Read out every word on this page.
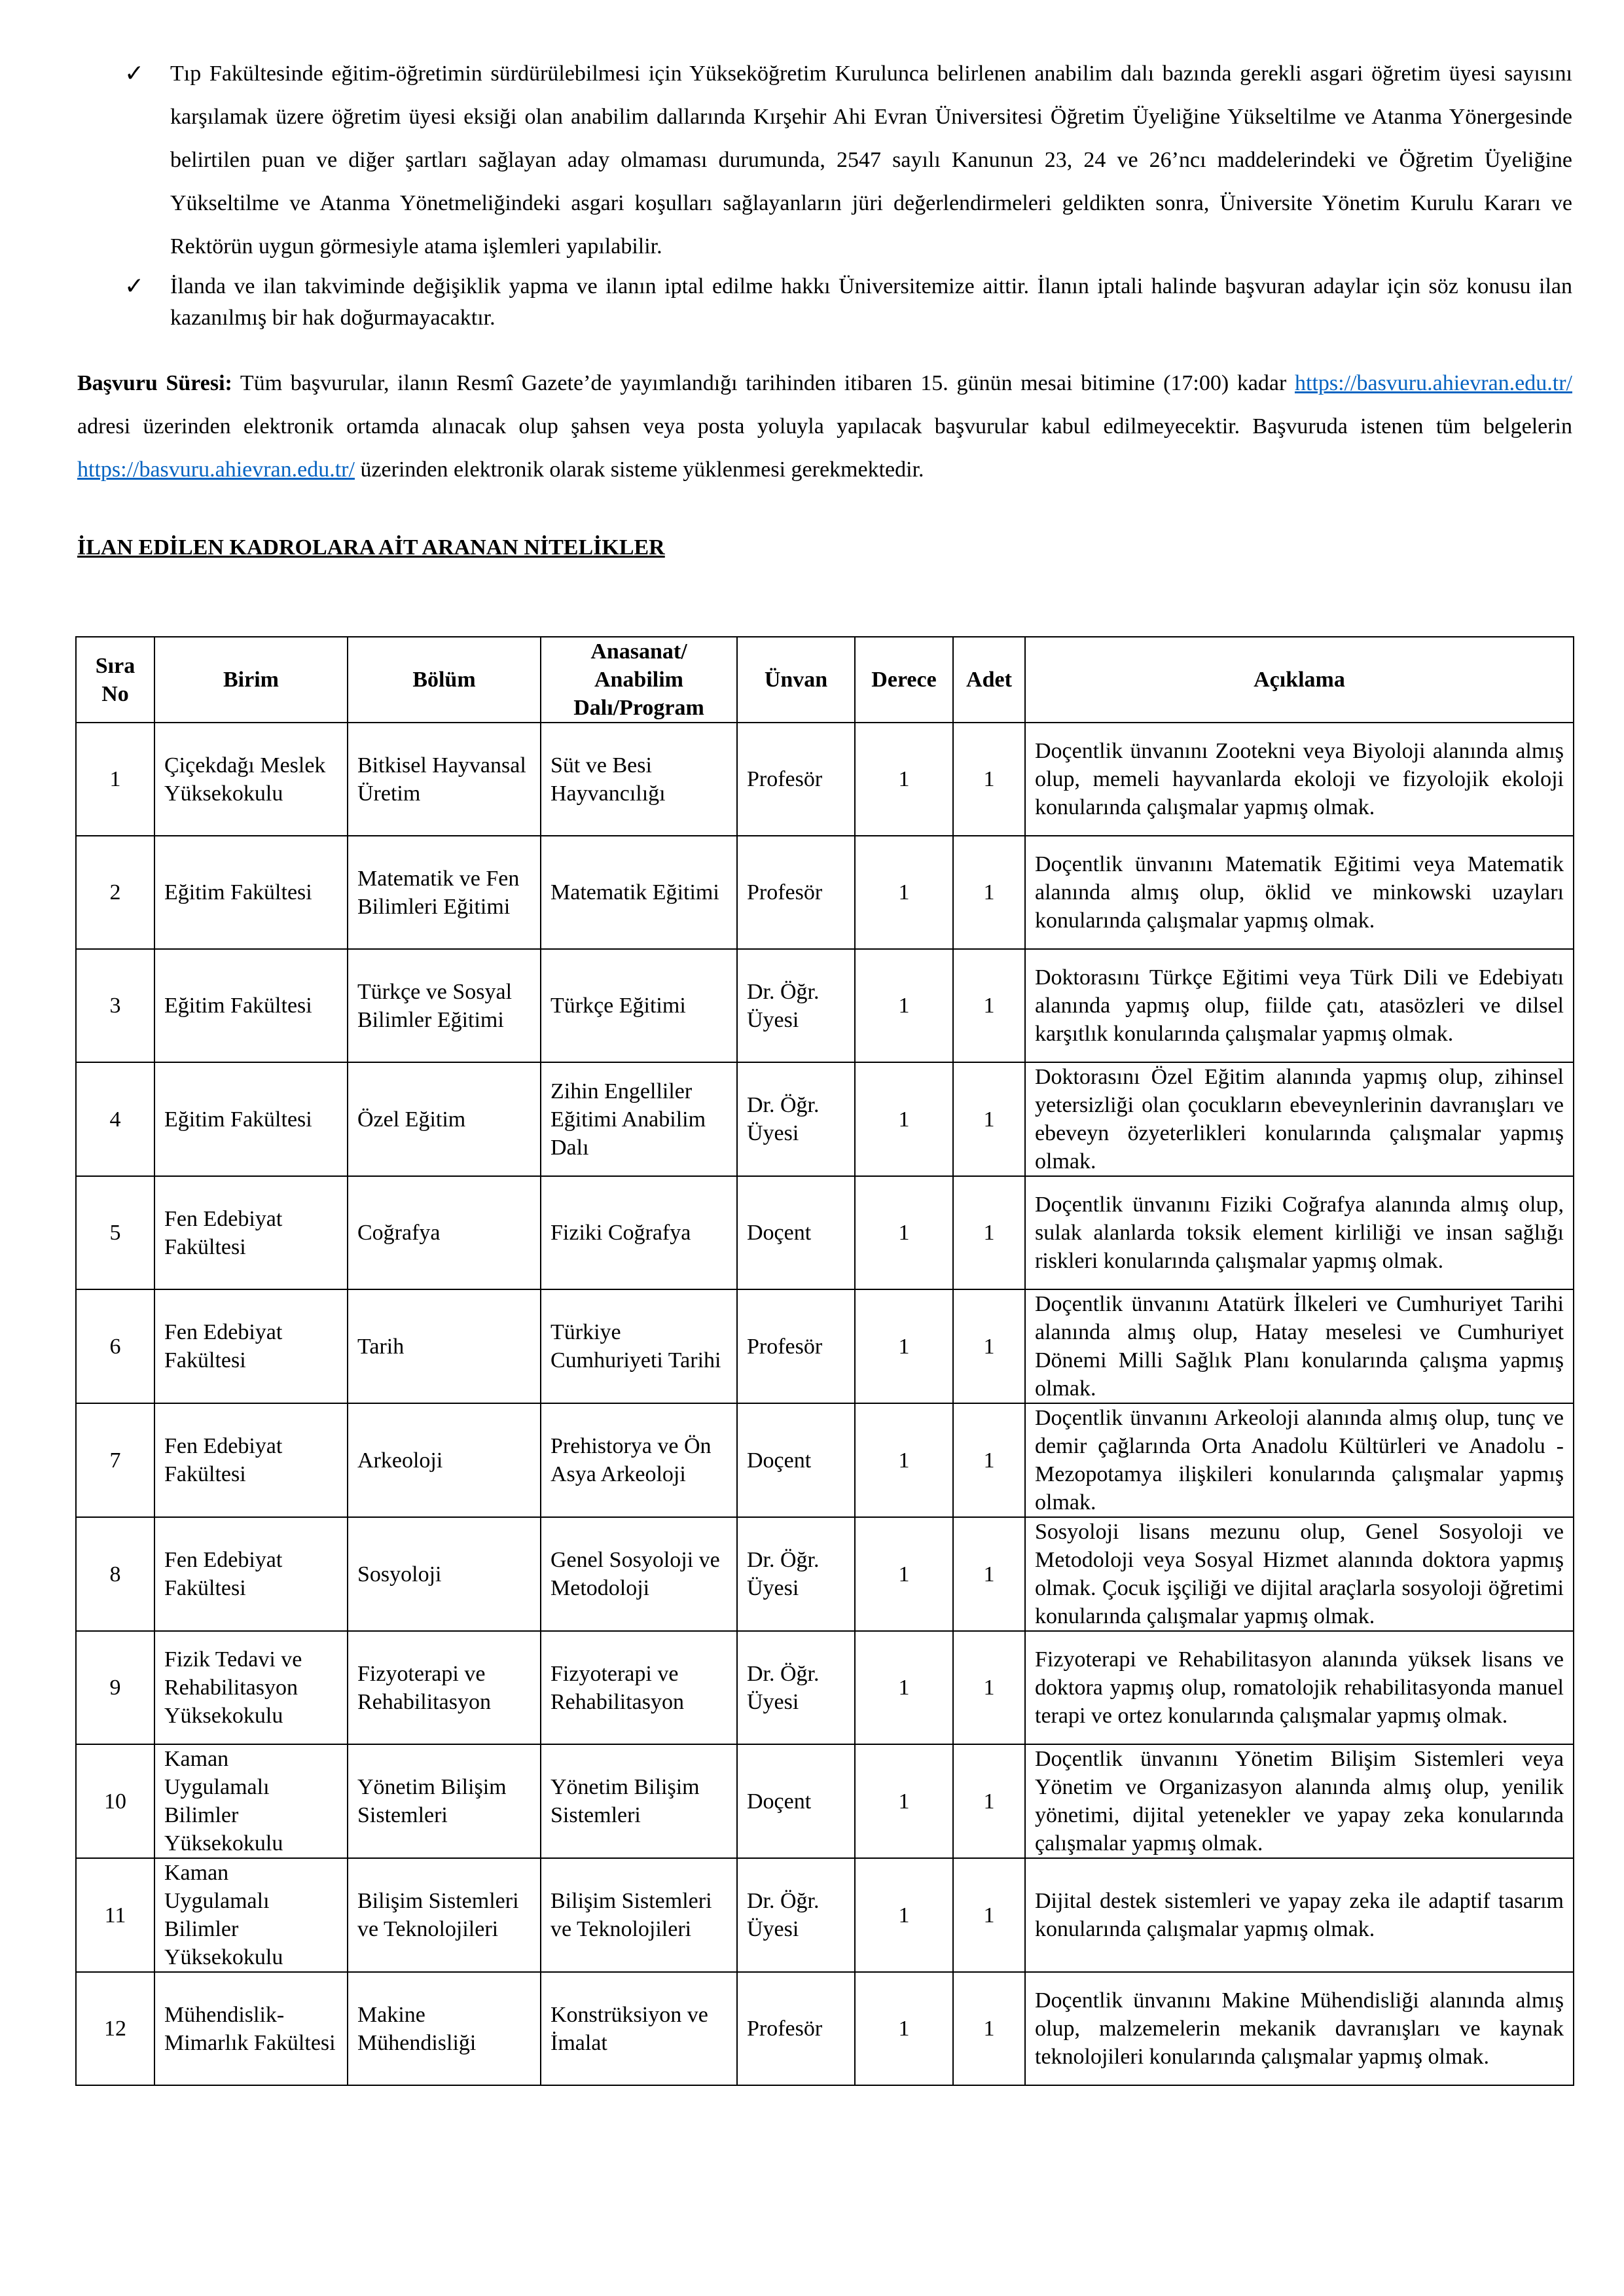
✓ Tıp Fakültesinde eğitim-öğretimin sürdürülebilmesi için Yükseköğretim Kurulunca belirlenen anabilim dalı bazında gerekli asgari öğretim üyesi sayısını karşılamak üzere öğretim üyesi eksiği olan anabilim dallarında Kırşehir Ahi Evran Üniversitesi Öğretim Üyeliğine Yükseltilme ve Atanma Yönergesinde belirtilen puan ve diğer şartları sağlayan aday olmaması durumunda, 2547 sayılı Kanunun 23, 24 ve 26’ncı maddelerindeki ve Öğretim Üyeliğine Yükseltilme ve Atanma Yönetmeliğindeki asgari koşulları sağlayanların jüri değerlendirmeleri geldikten sonra, Üniversite Yönetim Kurulu Kararı ve Rektörün uygun görmesiyle atama işlemleri yapılabilir.
✓ İlanda ve ilan takviminde değişiklik yapma ve ilanın iptal edilme hakkı Üniversitemize aittir. İlanın iptali halinde başvuran adaylar için söz konusu ilan kazanılmış bir hak doğurmayacaktır.
Başvuru Süresi: Tüm başvurular, ilanın Resmî Gazete’de yayımlandığı tarihinden itibaren 15. günün mesai bitimine (17:00) kadar https://basvuru.ahievran.edu.tr/ adresi üzerinden elektronik ortamda alınacak olup şahsen veya posta yoluyla yapılacak başvurular kabul edilmeyecektir. Başvuruda istenen tüm belgelerin https://basvuru.ahievran.edu.tr/ üzerinden elektronik olarak sisteme yüklenmesi gerekmektedir.
İLAN EDİLEN KADROLARA AİT ARANAN NİTELİKLER
Sıra No	Birim	Bölüm	Anasanat/ Anabilim Dalı/Program	Ünvan	Derece	Adet	Açıklama
1	Çiçekdağı Meslek Yüksekokulu	Bitkisel Hayvansal Üretim	Süt ve Besi Hayvancılığı	Profesör	1	1	Doçentlik ünvanını Zootekni veya Biyoloji alanında almış olup, memeli hayvanlarda ekoloji ve fizyolojik ekoloji konularında çalışmalar yapmış olmak.
2	Eğitim Fakültesi	Matematik ve Fen Bilimleri Eğitimi	Matematik Eğitimi	Profesör	1	1	Doçentlik ünvanını Matematik Eğitimi veya Matematik alanında almış olup, öklid ve minkowski uzayları konularında çalışmalar yapmış olmak.
3	Eğitim Fakültesi	Türkçe ve Sosyal Bilimler Eğitimi	Türkçe Eğitimi	Dr. Öğr. Üyesi	1	1	Doktorasını Türkçe Eğitimi veya Türk Dili ve Edebiyatı alanında yapmış olup, fiilde çatı, atasözleri ve dilsel karşıtlık konularında çalışmalar yapmış olmak.
4	Eğitim Fakültesi	Özel Eğitim	Zihin Engelliler Eğitimi Anabilim Dalı	Dr. Öğr. Üyesi	1	1	Doktorasını Özel Eğitim alanında yapmış olup, zihinsel yetersizliği olan çocukların ebeveynlerinin davranışları ve ebeveyn özyeterlikleri konularında çalışmalar yapmış olmak.
5	Fen Edebiyat Fakültesi	Coğrafya	Fiziki Coğrafya	Doçent	1	1	Doçentlik ünvanını Fiziki Coğrafya alanında almış olup, sulak alanlarda toksik element kirliliği ve insan sağlığı riskleri konularında çalışmalar yapmış olmak.
6	Fen Edebiyat Fakültesi	Tarih	Türkiye Cumhuriyeti Tarihi	Profesör	1	1	Doçentlik ünvanını Atatürk İlkeleri ve Cumhuriyet Tarihi alanında almış olup, Hatay meselesi ve Cumhuriyet Dönemi Milli Sağlık Planı konularında çalışma yapmış olmak.
7	Fen Edebiyat Fakültesi	Arkeoloji	Prehistorya ve Ön Asya Arkeoloji	Doçent	1	1	Doçentlik ünvanını Arkeoloji alanında almış olup, tunç ve demir çağlarında Orta Anadolu Kültürleri ve Anadolu - Mezopotamya ilişkileri konularında çalışmalar yapmış olmak.
8	Fen Edebiyat Fakültesi	Sosyoloji	Genel Sosyoloji ve Metodoloji	Dr. Öğr. Üyesi	1	1	Sosyoloji lisans mezunu olup, Genel Sosyoloji ve Metodoloji veya Sosyal Hizmet alanında doktora yapmış olmak. Çocuk işçiliği ve dijital araçlarla sosyoloji öğretimi konularında çalışmalar yapmış olmak.
9	Fizik Tedavi ve Rehabilitasyon Yüksekokulu	Fizyoterapi ve Rehabilitasyon	Fizyoterapi ve Rehabilitasyon	Dr. Öğr. Üyesi	1	1	Fizyoterapi ve Rehabilitasyon alanında yüksek lisans ve doktora yapmış olup, romatolojik rehabilitasyonda manuel terapi ve ortez konularında çalışmalar yapmış olmak.
10	Kaman Uygulamalı Bilimler Yüksekokulu	Yönetim Bilişim Sistemleri	Yönetim Bilişim Sistemleri	Doçent	1	1	Doçentlik ünvanını Yönetim Bilişim Sistemleri veya Yönetim ve Organizasyon alanında almış olup, yenilik yönetimi, dijital yetenekler ve yapay zeka konularında çalışmalar yapmış olmak.
11	Kaman Uygulamalı Bilimler Yüksekokulu	Bilişim Sistemleri ve Teknolojileri	Bilişim Sistemleri ve Teknolojileri	Dr. Öğr. Üyesi	1	1	Dijital destek sistemleri ve yapay zeka ile adaptif tasarım konularında çalışmalar yapmış olmak.
12	Mühendislik-Mimarlık Fakültesi	Makine Mühendisliği	Konstrüksiyon ve İmalat	Profesör	1	1	Doçentlik ünvanını Makine Mühendisliği alanında almış olup, malzemelerin mekanik davranışları ve kaynak teknolojileri konularında çalışmalar yapmış olmak.
